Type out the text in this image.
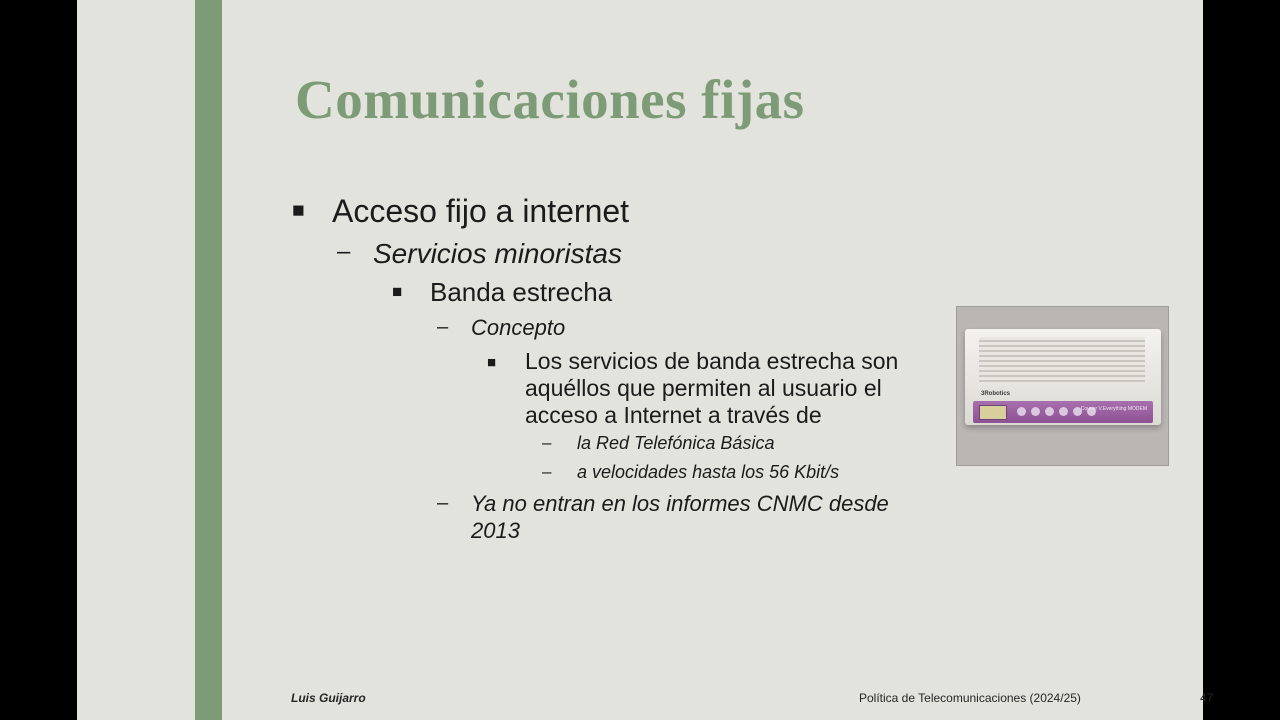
Comunicaciones fijas
■ Acceso fijo a internet
– Servicios minoristas
■	Banda estrecha
–	Concepto
■	Los servicios de banda estrecha son aquéllos que permiten al usuario el acceso a Internet a través de
–	la Red Telefónica Básica
–	a velocidades hasta los 56 Kbit/s
–	Ya no entran en los informes CNMC desde 2013
3Robotics
Courier V.Everything MODEM
Luis Guijarro	Política de Telecomunicaciones (2024/25)	47
